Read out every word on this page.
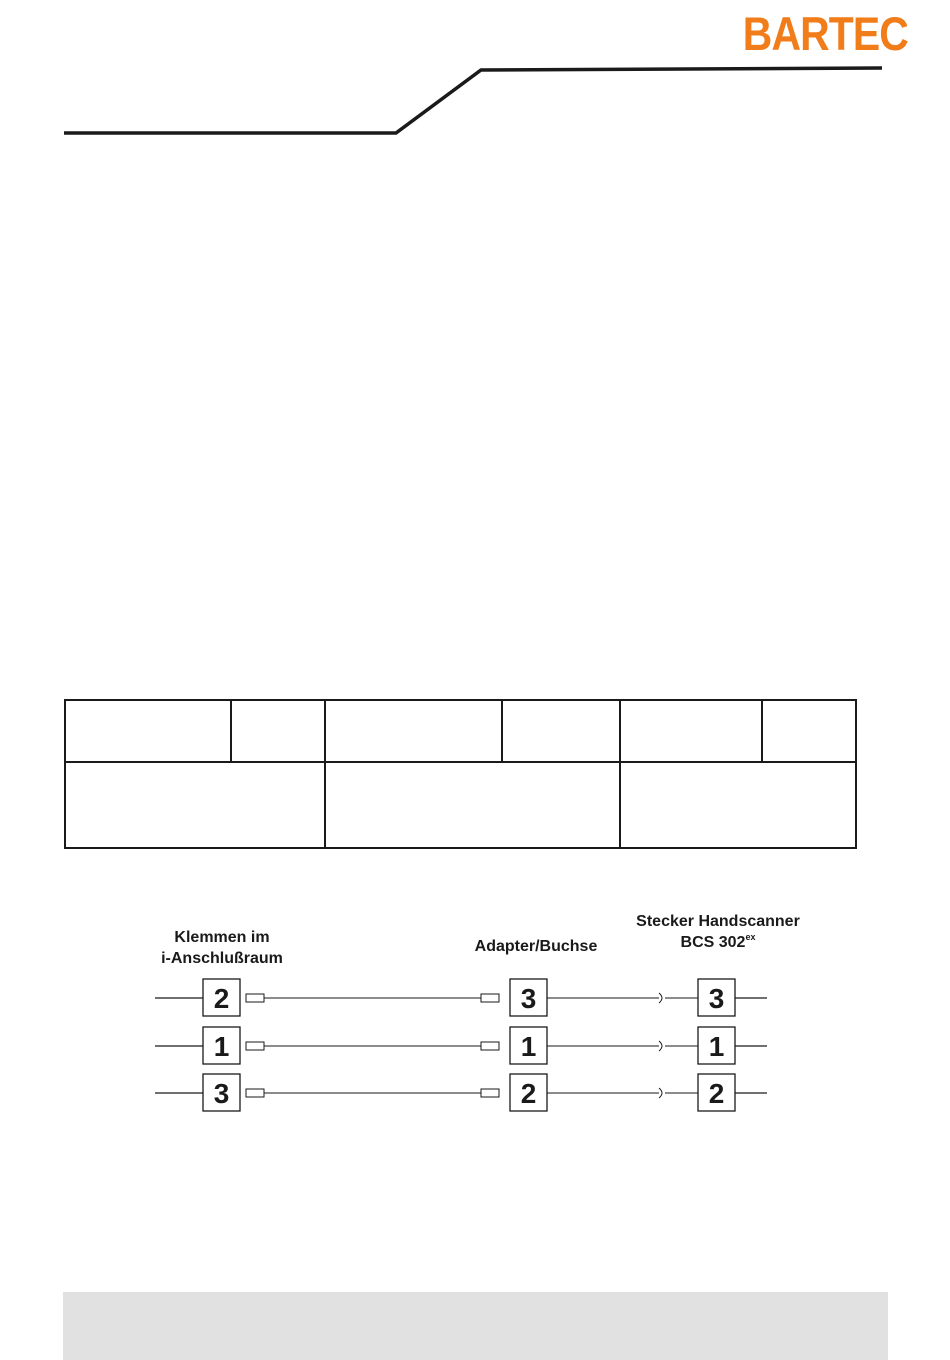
BARTEC

Klemmen im
i-Anschlußraum
Adapter/Buchse
Stecker Handscanner
BCS $302^{ex}$
2	3	3
1	1	1
3	2	2
